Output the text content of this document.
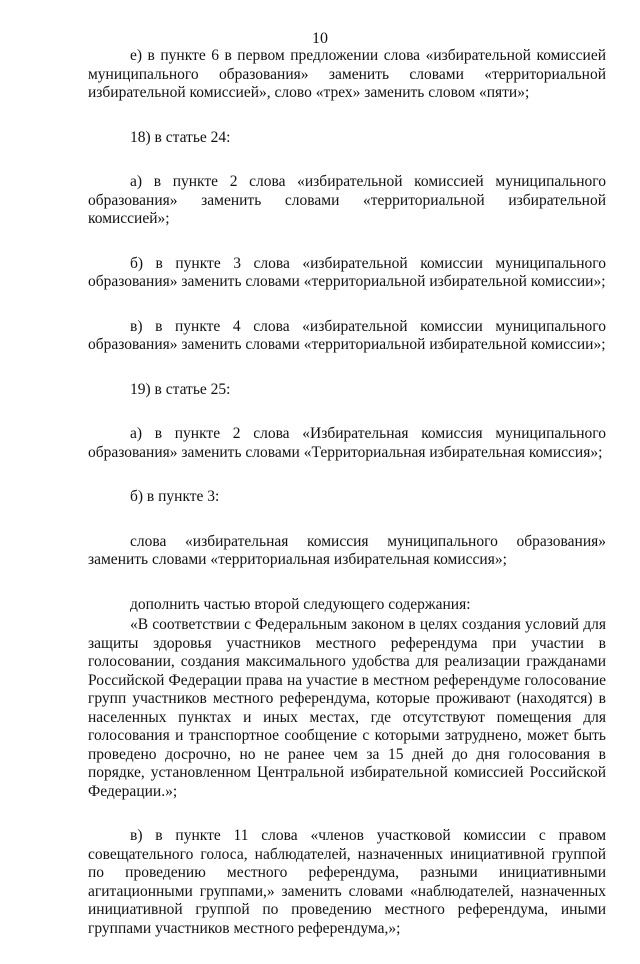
10

е) в пункте 6 в первом предложении слова «избирательной комиссией муниципального образования» заменить словами «территориальной избирательной комиссией», слово «трех» заменить словом «пяти»;

18) в статье 24:

а) в пункте 2 слова «избирательной комиссией муниципального образования» заменить словами «территориальной избирательной комиссией»;

б) в пункте 3 слова «избирательной комиссии муниципального образования» заменить словами «территориальной избирательной комиссии»;

в) в пункте 4 слова «избирательной комиссии муниципального образования» заменить словами «территориальной избирательной комиссии»;

19) в статье 25:

а) в пункте 2 слова «Избирательная комиссия муниципального образования» заменить словами «Территориальная избирательная комиссия»;

б) в пункте 3:

слова «избирательная комиссия муниципального образования» заменить словами «территориальная избирательная комиссия»;

дополнить частью второй следующего содержания:

«В соответствии с Федеральным законом в целях создания условий для защиты здоровья участников местного референдума при участии в голосовании, создания максимального удобства для реализации гражданами Российской Федерации права на участие в местном референдуме голосование групп участников местного референдума, которые проживают (находятся) в населенных пунктах и иных местах, где отсутствуют помещения для голосования и транспортное сообщение с которыми затруднено, может быть проведено досрочно, но не ранее чем за 15 дней до дня голосования в порядке, установленном Центральной избирательной комиссией Российской Федерации.»;

в) в пункте 11 слова «членов участковой комиссии с правом совещательного голоса, наблюдателей, назначенных инициативной группой по проведению местного референдума, разными инициативными агитационными группами,» заменить словами «наблюдателей, назначенных инициативной группой по проведению местного референдума, иными группами участников местного референдума,»;
